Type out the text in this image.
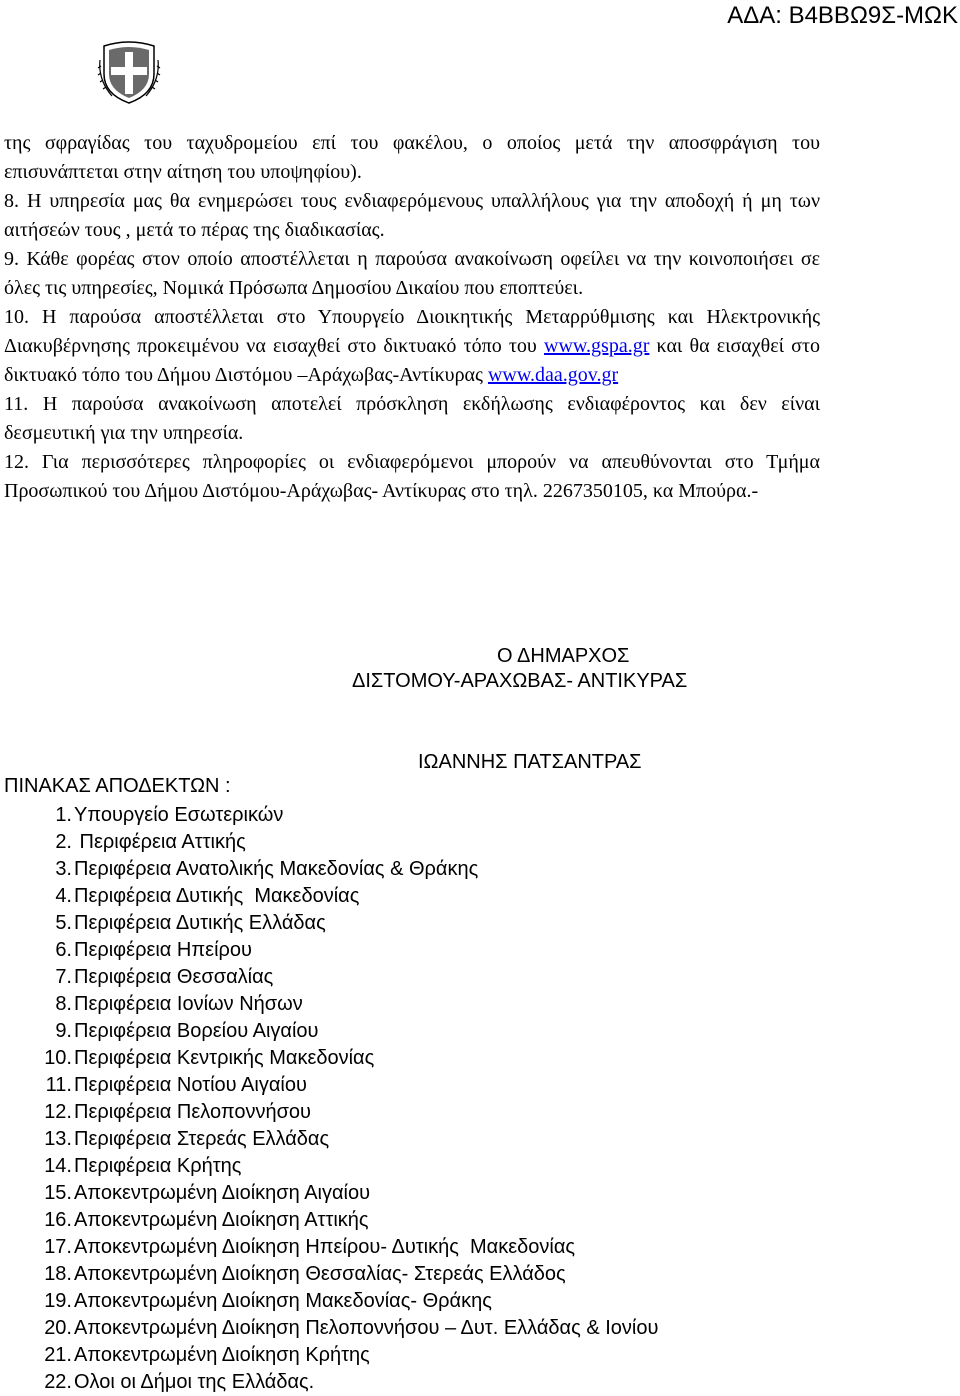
ΑΔΑ: Β4ΒΒΩ9Σ-ΜΩΚ

της σφραγίδας του ταχυδρομείου επί του φακέλου, ο οποίος μετά την αποσφράγιση του επισυνάπτεται στην αίτηση του υποψηφίου).

8. Η υπηρεσία μας θα ενημερώσει τους ενδιαφερόμενους υπαλλήλους για την αποδοχή ή μη των αιτήσεών τους , μετά το πέρας της διαδικασίας.

9. Κάθε φορέας στον οποίο αποστέλλεται η παρούσα ανακοίνωση οφείλει να την κοινοποιήσει σε όλες τις υπηρεσίες, Νομικά Πρόσωπα Δημοσίου Δικαίου που εποπτεύει.

10. Η παρούσα αποστέλλεται στο Υπουργείο Διοικητικής Μεταρρύθμισης και Ηλεκτρονικής Διακυβέρνησης προκειμένου να εισαχθεί στο δικτυακό τόπο του www.gspa.gr και θα εισαχθεί στο δικτυακό τόπο του Δήμου Διστόμου –Αράχωβας-Αντίκυρας www.daa.gov.gr

11. Η παρούσα ανακοίνωση αποτελεί πρόσκληση εκδήλωσης ενδιαφέροντος και δεν είναι δεσμευτική για την υπηρεσία.

12. Για περισσότερες πληροφορίες οι ενδιαφερόμενοι μπορούν να απευθύνονται στο Τμήμα Προσωπικού του Δήμου Διστόμου-Αράχωβας- Αντίκυρας στο τηλ. 2267350105, κα Μπούρα.-

Ο ΔΗΜΑΡΧΟΣ
ΔΙΣΤΟΜΟΥ-ΑΡΑΧΩΒΑΣ- ΑΝΤΙΚΥΡΑΣ
ΙΩΑΝΝΗΣ ΠΑΤΣΑΝΤΡΑΣ
ΠΙΝΑΚΑΣ ΑΠΟΔΕΚΤΩΝ :
1. Υπουργείο Εσωτερικών
2. Περιφέρεια Αττικής
3. Περιφέρεια Ανατολικής Μακεδονίας & Θράκης
4. Περιφέρεια Δυτικής  Μακεδονίας
5. Περιφέρεια Δυτικής Ελλάδας
6. Περιφέρεια Ηπείρου
7. Περιφέρεια Θεσσαλίας
8. Περιφέρεια Ιονίων Νήσων
9. Περιφέρεια Βορείου Αιγαίου
10. Περιφέρεια Κεντρικής Μακεδονίας
11. Περιφέρεια Νοτίου Αιγαίου
12. Περιφέρεια Πελοποννήσου
13. Περιφέρεια Στερεάς Ελλάδας
14. Περιφέρεια Κρήτης
15. Αποκεντρωμένη Διοίκηση Αιγαίου
16. Αποκεντρωμένη Διοίκηση Αττικής
17. Αποκεντρωμένη Διοίκηση Ηπείρου- Δυτικής  Μακεδονίας
18. Αποκεντρωμένη Διοίκηση Θεσσαλίας- Στερεάς Ελλάδος
19. Αποκεντρωμένη Διοίκηση Μακεδονίας- Θράκης
20. Αποκεντρωμένη Διοίκηση Πελοποννήσου – Δυτ. Ελλάδας & Ιονίου
21. Αποκεντρωμένη Διοίκηση Κρήτης
22. Ολοι οι Δήμοι της Ελλάδας.
